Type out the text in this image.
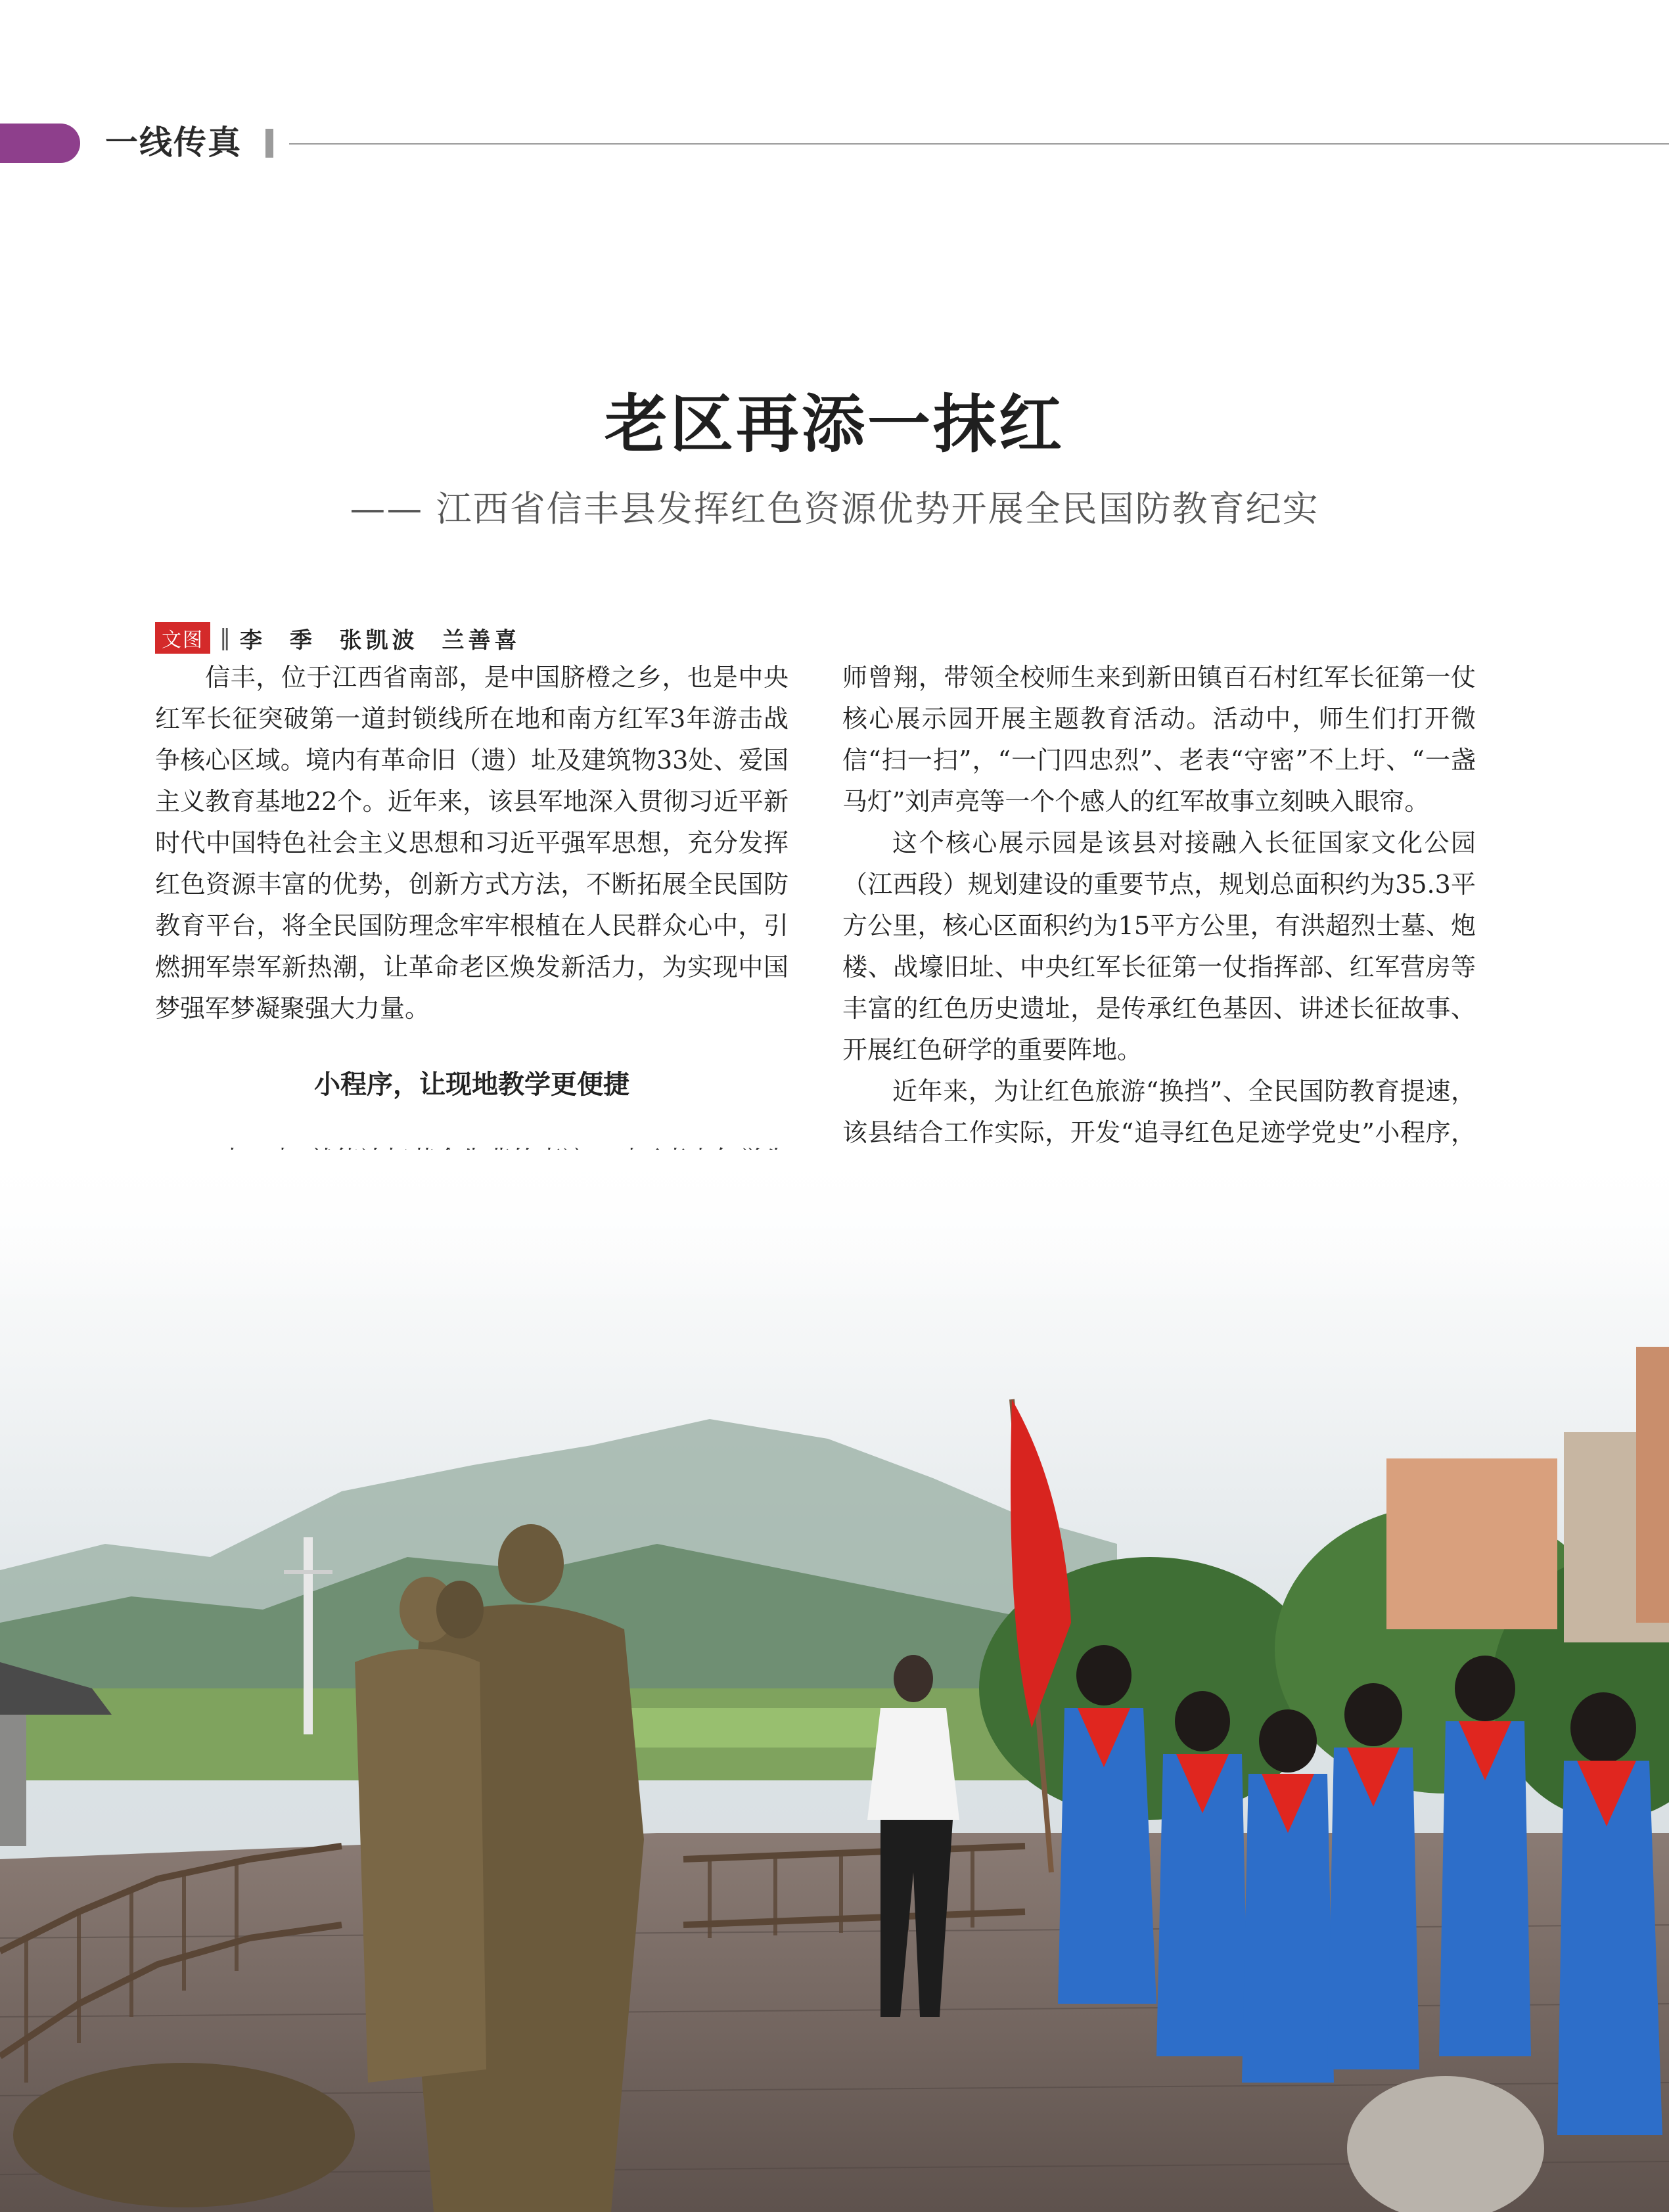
一线传真
老区再添一抹红
—— 江西省信丰县发挥红色资源优势开展全民国防教育纪实
文图 ‖ 李 季 张凯波 兰善喜

信丰，位于江西省南部，是中国脐橙之乡，也是中央红军长征突破第一道封锁线所在地和南方红军3年游击战争核心区域。境内有革命旧（遗）址及建筑物33处、爱国主义教育基地22个。近年来，该县军地深入贯彻习近平新时代中国特色社会主义思想和习近平强军思想，充分发挥红色资源丰富的优势，创新方式方法，不断拓展全民国防教育平台，将全民国防理念牢牢根植在人民群众心中，引燃拥军崇军新热潮，让革命老区焕发新活力，为实现中国梦强军梦凝聚强大力量。

小程序，让现地教学更便捷

师曾翔，带领全校师生来到新田镇百石村红军长征第一仗核心展示园开展主题教育活动。活动中，师生们打开微信“扫一扫”，“一门四忠烈”、老表“守密”不上圩、“一盏马灯”刘声亮等一个个感人的红军故事立刻映入眼帘。

这个核心展示园是该县对接融入长征国家文化公园（江西段）规划建设的重要节点，规划总面积约为35.3平方公里，核心区面积约为15平方公里，有洪超烈士墓、炮楼、战壕旧址、中央红军长征第一仗指挥部、红军营房等丰富的红色历史遗址，是传承红色基因、讲述长征故事、开展红色研学的重要阵地。

近年来，为让红色旅游“换挡”、全民国防教育提速，该县结合工作实际，开发“追寻红色足迹学党史”小程序，
